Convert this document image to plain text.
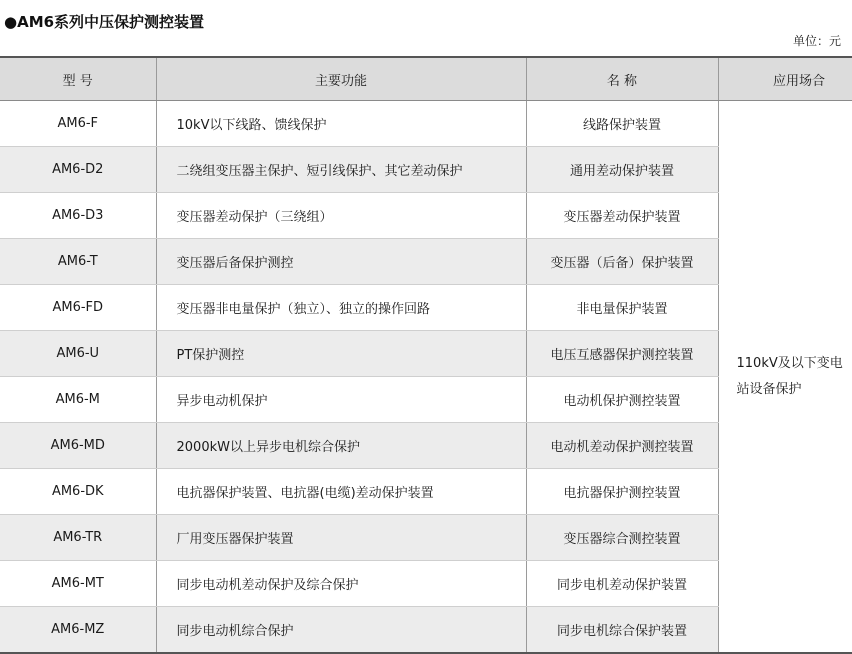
●AM6系列中压保护测控装置
单位：元
型 号	主要功能	名 称	应用场合
AM6-F	10kV以下线路、馈线保护	线路保护装置	110kV及以下变电站设备保护

AM6-D2	二绕组变压器主保护、短引线保护、其它差动保护	通用差动保护装置	
AM6-D3	变压器差动保护（三绕组）	变压器差动保护装置	
AM6-T	变压器后备保护测控	变压器（后备）保护装置	
AM6-FD	变压器非电量保护（独立）、独立的操作回路	非电量保护装置	
AM6-U	PT保护测控	电压互感器保护测控装置	
AM6-M	异步电动机保护	电动机保护测控装置	
AM6-MD	2000kW以上异步电机综合保护	电动机差动保护测控装置	
AM6-DK	电抗器保护装置、电抗器(电缆)差动保护装置	电抗器保护测控装置	
AM6-TR	厂用变压器保护装置	变压器综合测控装置	
AM6-MT	同步电动机差动保护及综合保护	同步电机差动保护装置	
AM6-MZ	同步电动机综合保护	同步电机综合保护装置	
